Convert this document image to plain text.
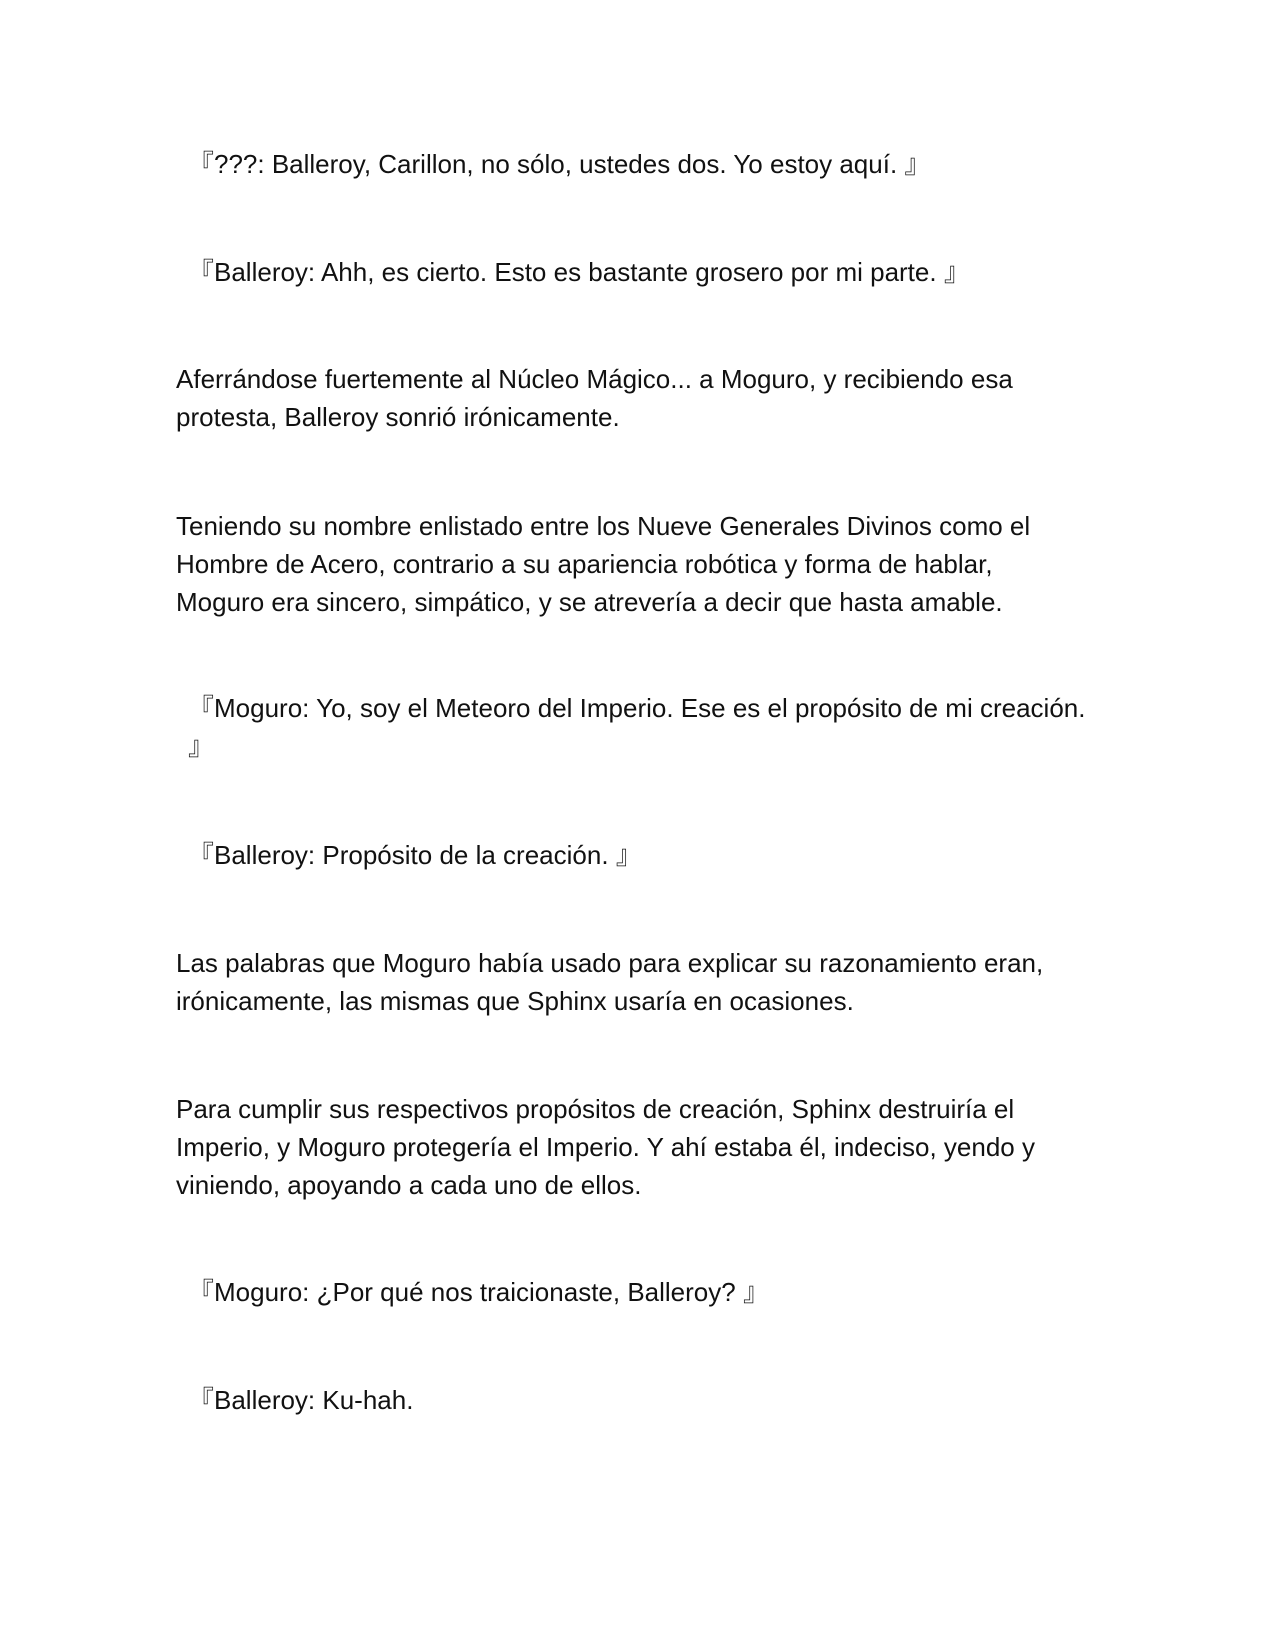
『???: Balleroy, Carillon, no sólo, ustedes dos. Yo estoy aquí. 』

『Balleroy: Ahh, es cierto. Esto es bastante grosero por mi parte. 』

Aferrándose fuertemente al Núcleo Mágico... a Moguro, y recibiendo esa protesta, Balleroy sonrió irónicamente.

Teniendo su nombre enlistado entre los Nueve Generales Divinos como el Hombre de Acero, contrario a su apariencia robótica y forma de hablar, Moguro era sincero, simpático, y se atrevería a decir que hasta amable.

『Moguro: Yo, soy el Meteoro del Imperio. Ese es el propósito de mi creación. 』

『Balleroy: Propósito de la creación. 』

Las palabras que Moguro había usado para explicar su razonamiento eran, irónicamente, las mismas que Sphinx usaría en ocasiones.

Para cumplir sus respectivos propósitos de creación, Sphinx destruiría el Imperio, y Moguro protegería el Imperio. Y ahí estaba él, indeciso, yendo y viniendo, apoyando a cada uno de ellos.

『Moguro: ¿Por qué nos traicionaste, Balleroy? 』

『Balleroy: Ku-hah.
